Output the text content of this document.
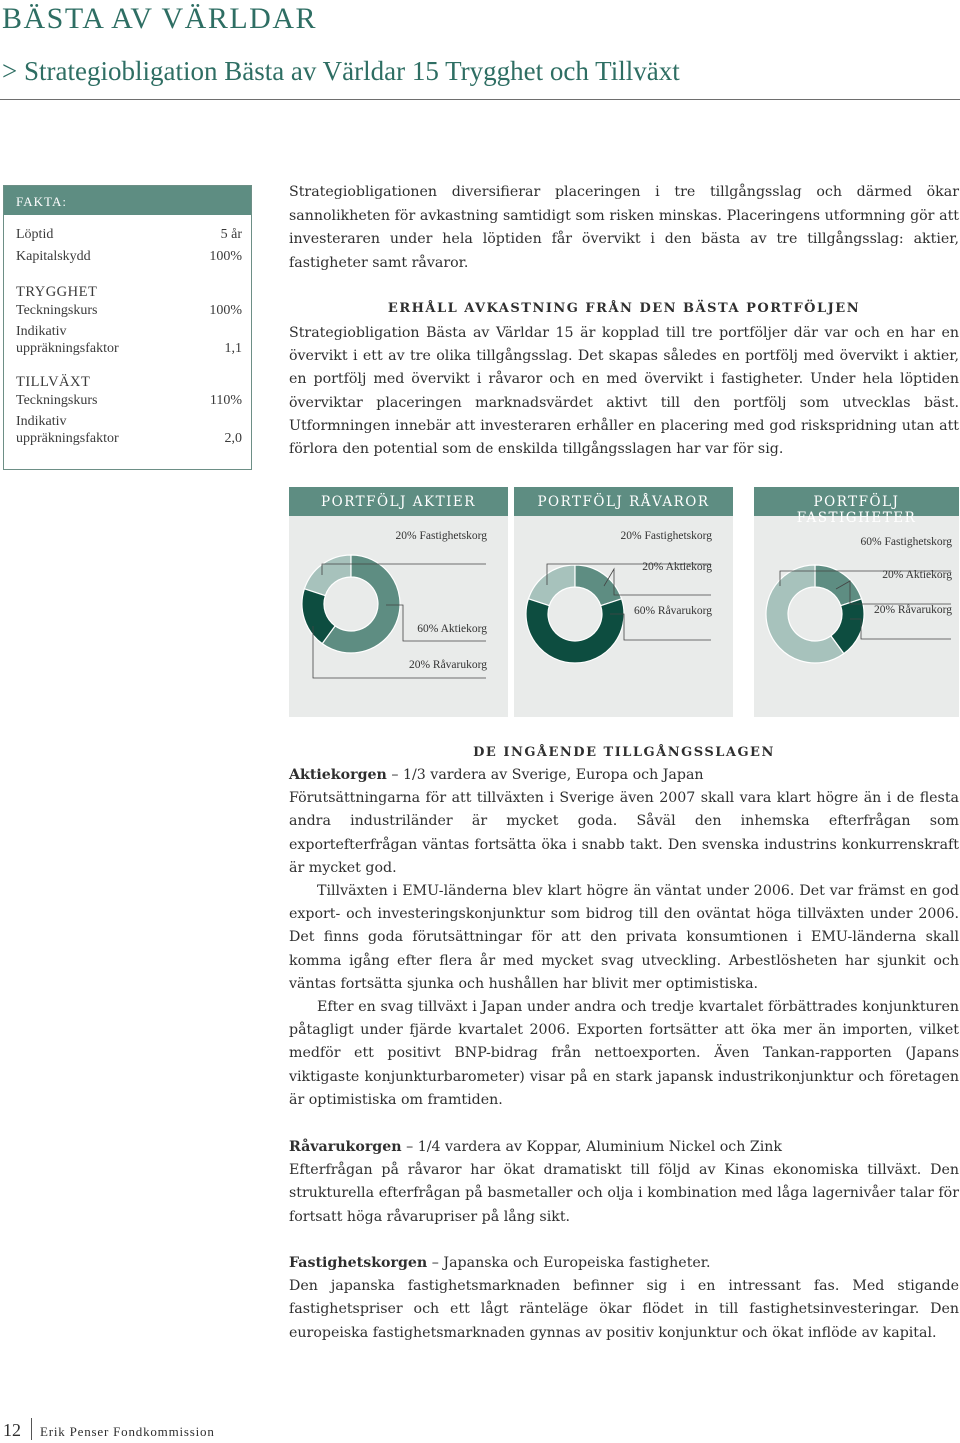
BÄSTA AV VÄRLDAR
> Strategiobligation Bästa av Världar 15 Trygghet och Tillväxt
FAKTA:
Löptid	5 år
Kapitalskydd	100%
TRYGGHET
Teckningskurs	100%
Indikativ
uppräkningsfaktor	1,1
TILLVÄXT
Teckningskurs	110%
Indikativ
uppräkningsfaktor	2,0
Strategiobligationen diversifierar placeringen i tre tillgångsslag och därmed ökar sannolikheten för avkastning samtidigt som risken minskas. Placeringens utformning gör att investeraren under hela löptiden får övervikt i den bästa av tre tillgångsslag: aktier, fastigheter samt råvaror.
ERHÅLL AVKASTNING FRÅN DEN BÄSTA PORTFÖLJEN
Strategiobligation Bästa av Världar 15 är kopplad till tre portföljer där var och en har en övervikt i ett av tre olika tillgångsslag. Det skapas således en portfölj med övervikt i aktier, en portfölj med övervikt i råvaror och en med övervikt i fastigheter. Under hela löptiden överviktar placeringen marknadsvärdet aktivt till den portfölj som utvecklas bäst. Utformningen innebär att investeraren erhåller en placering med god riskspridning utan att förlora den potential som de enskilda tillgångsslagen har var för sig.
PORTFÖLJ AKTIER
20% Fastighetskorg
60% Aktiekorg
20% Råvarukorg
PORTFÖLJ RÅVAROR
20% Fastighetskorg
20% Aktiekorg
60% Råvarukorg
PORTFÖLJ FASTIGHETER
60% Fastighetskorg
20% Aktiekorg
20% Råvarukorg
DE INGÅENDE TILLGÅNGSSLAGEN
Aktiekorgen – 1/3 vardera av Sverige, Europa och Japan
Förutsättningarna för att tillväxten i Sverige även 2007 skall vara klart högre än i de flesta andra industriländer är mycket goda. Såväl den inhemska efterfrågan som exportefterfrågan väntas fortsätta öka i snabb takt. Den svenska industrins konkurrenskraft är mycket god.
Tillväxten i EMU-länderna blev klart högre än väntat under 2006. Det var främst en god export- och investeringskonjunktur som bidrog till den oväntat höga tillväxten under 2006. Det finns goda förutsättningar för att den privata konsumtionen i EMU-länderna skall komma igång efter flera år med mycket svag utveckling. Arbestlösheten har sjunkit och väntas fortsätta sjunka och hushållen har blivit mer optimistiska.
Efter en svag tillväxt i Japan under andra och tredje kvartalet förbättrades konjunkturen påtagligt under fjärde kvartalet 2006. Exporten fortsätter att öka mer än importen, vilket medför ett positivt BNP-bidrag från nettoexporten. Även Tankan-rapporten (Japans viktigaste konjunkturbarometer) visar på en stark japansk industrikonjunktur och företagen är optimistiska om framtiden.
Råvarukorgen – 1/4 vardera av Koppar, Aluminium Nickel och Zink
Efterfrågan på råvaror har ökat dramatiskt till följd av Kinas ekonomiska tillväxt. Den strukturella efterfrågan på basmetaller och olja i kombination med låga lagernivåer talar för fortsatt höga råvarupriser på lång sikt.
Fastighetskorgen – Japanska och Europeiska fastigheter.
Den japanska fastighetsmarknaden befinner sig i en intressant fas. Med stigande fastighetspriser och ett lågt ränteläge ökar flödet in till fastighetsinvesteringar. Den europeiska fastighetsmarknaden gynnas av positiv konjunktur och ökat inflöde av kapital.
12 Erik Penser Fondkommission
